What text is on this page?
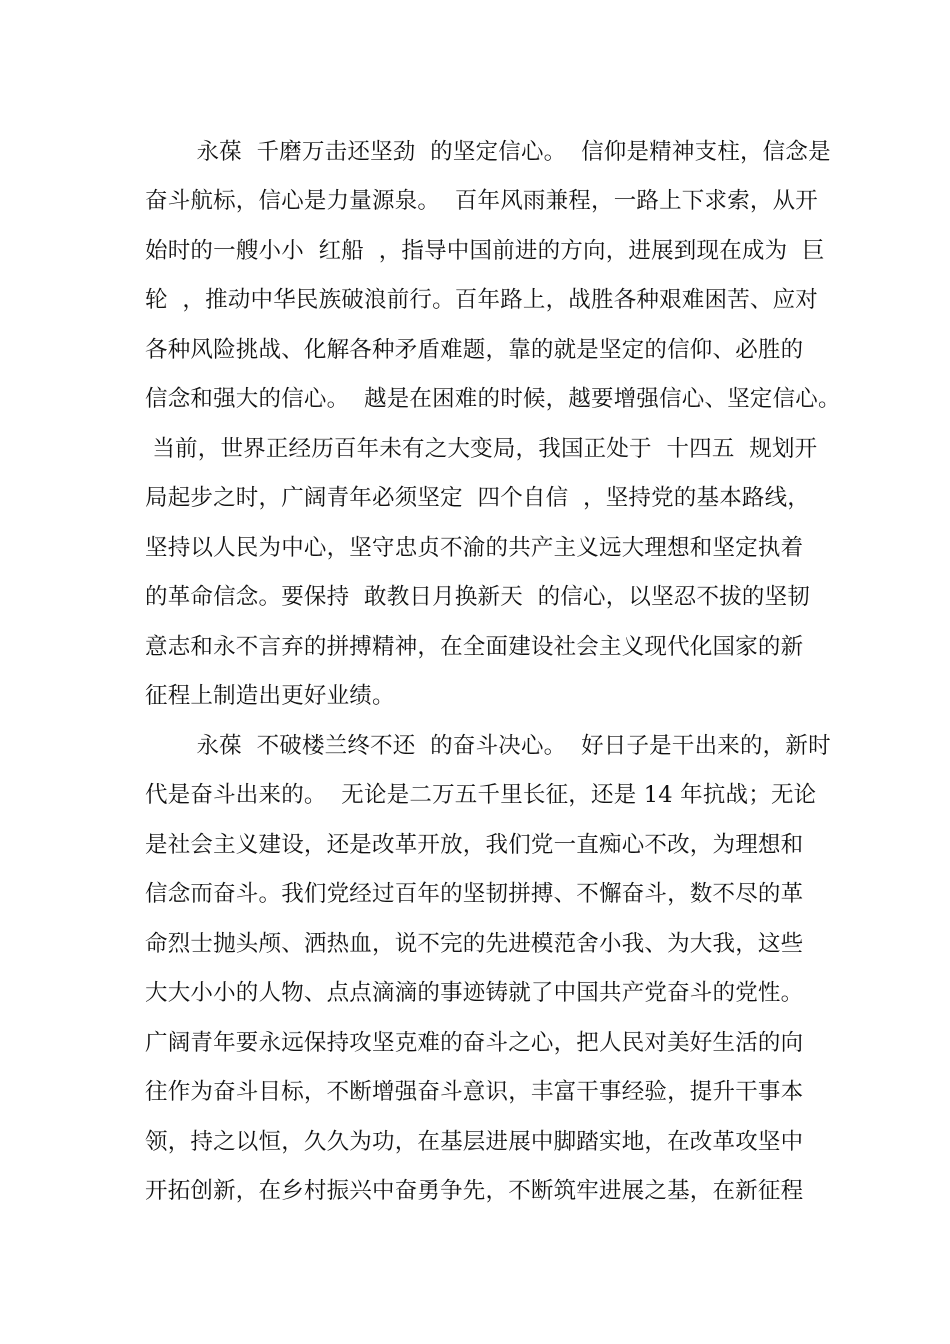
永葆  千磨万击还坚劲  的坚定信心。  信仰是精神支柱，信念是
奋斗航标，信心是力量源泉。  百年风雨兼程，一路上下求索，从开
始时的一艘小小  红船  ，指导中国前进的方向，进展到现在成为  巨
轮  ，推动中华民族破浪前行。百年路上，战胜各种艰难困苦、应对
各种风险挑战、化解各种矛盾难题，靠的就是坚定的信仰、必胜的
信念和强大的信心。  越是在困难的时候，越要增强信心、坚定信心。
当前，世界正经历百年未有之大变局，我国正处于  十四五  规划开
局起步之时，广阔青年必须坚定  四个自信  ，坚持党的基本路线，
坚持以人民为中心，坚守忠贞不渝的共产主义远大理想和坚定执着
的革命信念。要保持  敢教日月换新天  的信心，以坚忍不拔的坚韧
意志和永不言弃的拼搏精神，在全面建设社会主义现代化国家的新
征程上制造出更好业绩。
永葆  不破楼兰终不还  的奋斗决心。  好日子是干出来的，新时
代是奋斗出来的。  无论是二万五千里长征，还是 14 年抗战；无论
是社会主义建设，还是改革开放，我们党一直痴心不改，为理想和
信念而奋斗。我们党经过百年的坚韧拼搏、不懈奋斗，数不尽的革
命烈士抛头颅、洒热血，说不完的先进模范舍小我、为大我，这些
大大小小的人物、点点滴滴的事迹铸就了中国共产党奋斗的党性。
广阔青年要永远保持攻坚克难的奋斗之心，把人民对美好生活的向
往作为奋斗目标，不断增强奋斗意识，丰富干事经验，提升干事本
领，持之以恒，久久为功，在基层进展中脚踏实地，在改革攻坚中
开拓创新，在乡村振兴中奋勇争先，不断筑牢进展之基，在新征程
